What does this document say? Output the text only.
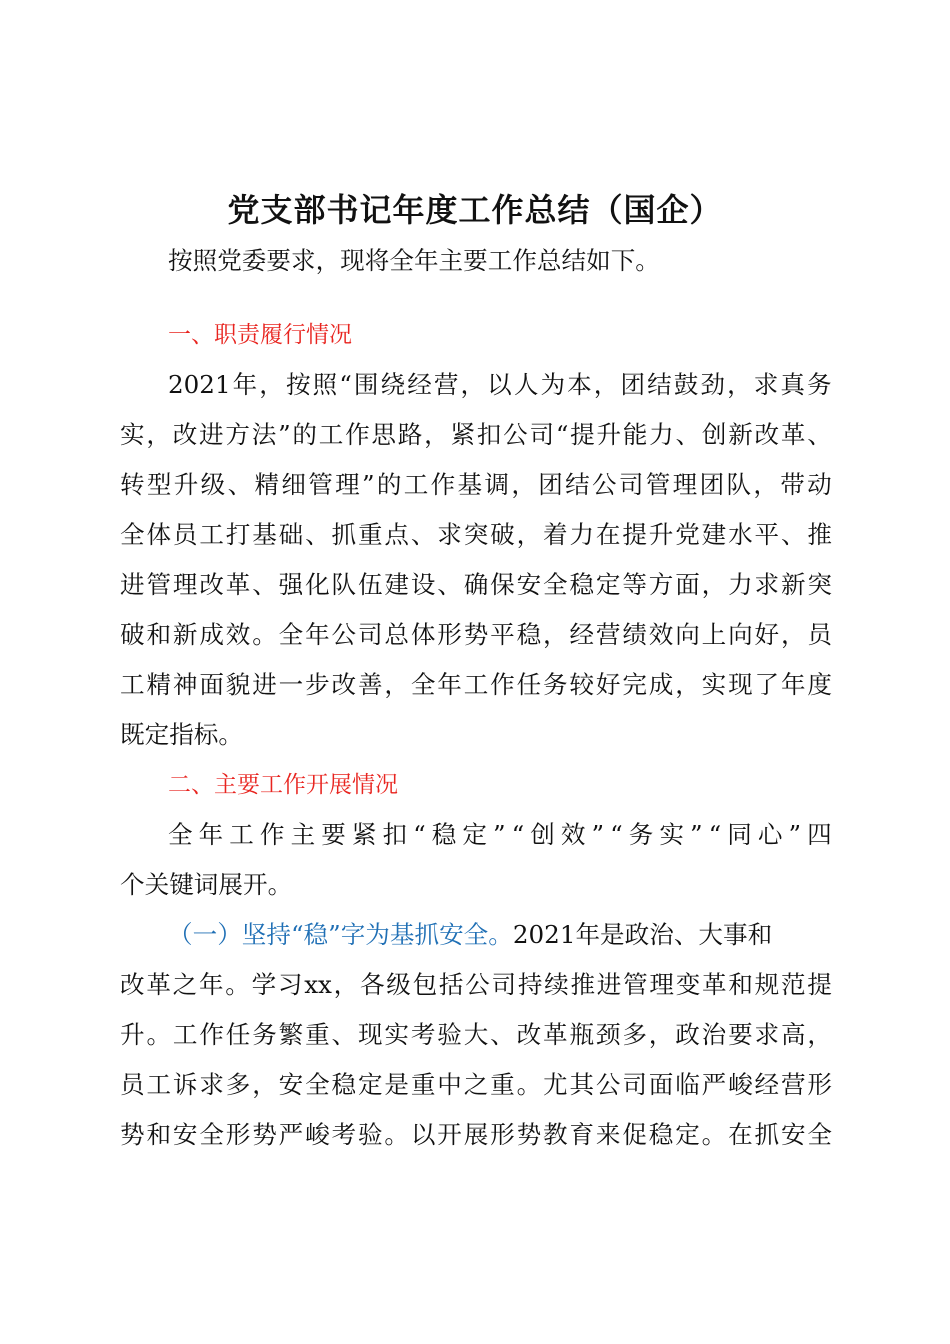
党支部书记年度工作总结（国企）
按照党委要求，现将全年主要工作总结如下。
一、职责履行情况
2021 年 ， 按 照 “ 围 绕 经 营 ， 以 人 为 本 ， 团 结 鼓 劲 ， 求 真 务
实 ， 改 进 方 法 ” 的 工 作 思 路 ， 紧 扣 公 司 “ 提 升 能 力 、 创 新 改 革 、
转 型 升 级 、 精 细 管 理 ” 的 工 作 基 调 ， 团 结 公 司 管 理 团 队 ， 带 动
全 体 员 工 打 基 础 、 抓 重 点 、 求 突 破 ， 着 力 在 提 升 党 建 水 平 、 推
进 管 理 改 革 、 强 化 队 伍 建 设 、 确 保 安 全 稳 定 等 方 面 ， 力 求 新 突
破 和 新 成 效 。 全 年 公 司 总 体 形 势 平 稳 ， 经 营 绩 效 向 上 向 好 ， 员
工 精 神 面 貌 进 一 步 改 善 ， 全 年 工 作 任 务 较 好 完 成 ， 实 现 了 年 度
既定指标。
二、主要工作开展情况
全 年 工 作 主 要 紧 扣 “ 稳 定 ” “ 创 效 ” “ 务 实 ” “ 同 心 ” 四
个关键词展开。
（一）坚持“稳”字为基抓安全。2021年是政治、大事和
改 革 之 年 。 学 习 xx ， 各 级 包 括 公 司 持 续 推 进 管 理 变 革 和 规 范 提
升 。 工 作 任 务 繁 重 、 现 实 考 验 大 、 改 革 瓶 颈 多 ， 政 治 要 求 高 ，
员 工 诉 求 多 ， 安 全 稳 定 是 重 中 之 重 。 尤 其 公 司 面 临 严 峻 经 营 形
势 和 安 全 形 势 严 峻 考 验 。 以 开 展 形 势 教 育 来 促 稳 定 。 在 抓 安 全
